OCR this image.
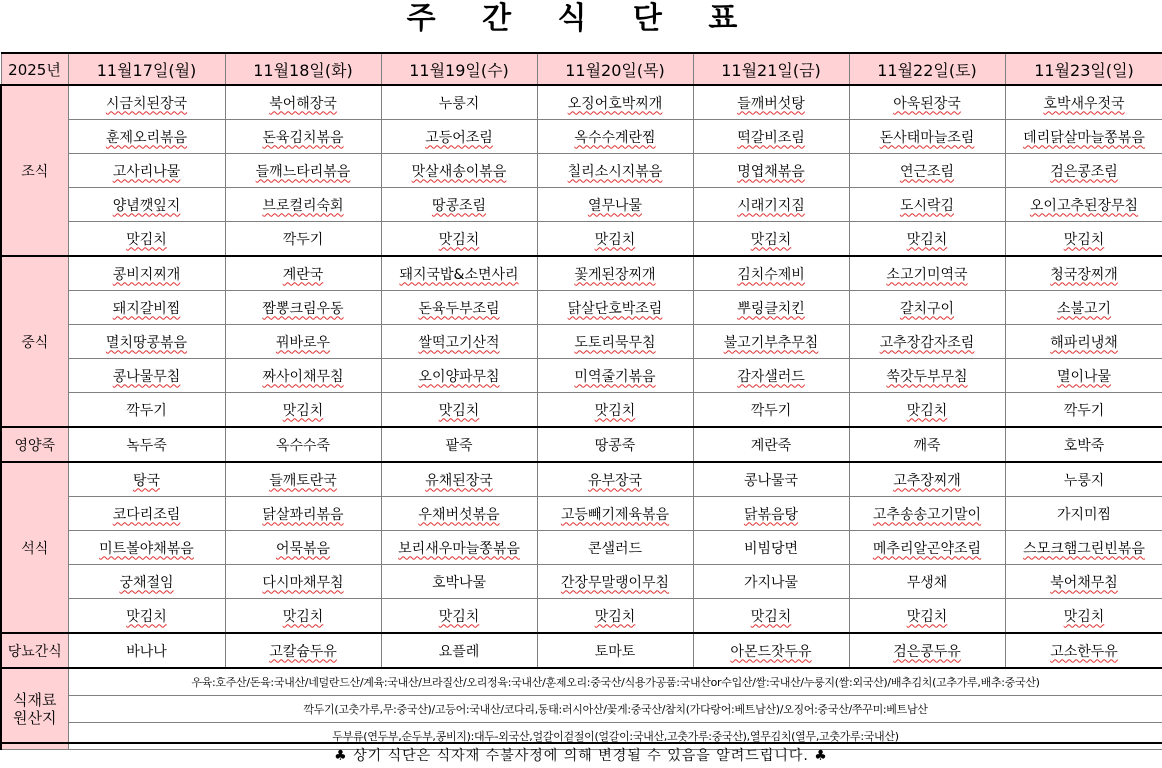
주 간 식 단 표
2025년	11월17일(월)	11월18일(화)	11월19일(수)	11월20일(목)	11월21일(금)	11월22일(토)	11월23일(일)
조식	시금치된장국	북어해장국	누룽지	오징어호박찌개	들깨버섯탕	아욱된장국	호박새우젓국
	훈제오리볶음	돈육김치볶음	고등어조림	옥수수계란찜	떡갈비조림	돈사태마늘조림	데리닭살마늘쫑볶음
	고사리나물	들깨느타리볶음	맛살새송이볶음	칠리소시지볶음	명엽채볶음	연근조림	검은콩조림
	양념깻잎지	브로컬리숙회	땅콩조림	열무나물	시래기지짐	도시락김	오이고추된장무침
	맛김치	깍두기	맛김치	맛김치	맛김치	맛김치	맛김치
중식	콩비지찌개	계란국	돼지국밥&소면사리	꽃게된장찌개	김치수제비	소고기미역국	청국장찌개
	돼지갈비찜	짬뽕크림우동	돈육두부조림	닭살단호박조림	뿌링클치킨	갈치구이	소불고기
	멸치땅콩볶음	꿔바로우	쌀떡고기산적	도토리묵무침	불고기부추무침	고추장감자조림	해파리냉채
	콩나물무침	짜사이채무침	오이양파무침	미역줄기볶음	감자샐러드	쑥갓두부무침	멸이나물
	깍두기	맛김치	맛김치	맛김치	깍두기	맛김치	깍두기
영양죽	녹두죽	옥수수죽	팥죽	땅콩죽	계란죽	깨죽	호박죽
석식	탕국	들깨토란국	유채된장국	유부장국	콩나물국	고추장찌개	누룽지
	코다리조림	닭살꽈리볶음	우채버섯볶음	고등빼기제육볶음	닭볶음탕	고추송송고기말이	가지미찜
	미트볼야채볶음	어묵볶음	보리새우마늘쫑볶음	콘샐러드	비빔당면	메추리알곤약조림	스모크햄그린빈볶음
	궁채절임	다시마채무침	호박나물	간장무말랭이무침	가지나물	무생채	북어채무침
	맛김치	맛김치	맛김치	맛김치	맛김치	맛김치	맛김치
당뇨간식	바나나	고칼슘두유	요플레	토마토	아몬드잣두유	검은콩두유	고소한두유

식재료
원산지	우육:호주산/돈육:국내산/네덜란드산/계육:국내산/브라질산/오리정육:국내산/훈제오리:중국산/식용가공품:국내산or수입산/쌀:국내산/누룽지(쌀:외국산)/배추김치(고추가루,배추:중국산)						
	깍두기(고춧가루,무:중국산)/고등어:국내산/코다리,동태:러시아산/꽃게:중국산/참치(가다랑어:베트남산)/오징어:중국산/쭈꾸미:베트남산						
	두부류(연두부,순두부,콩비지):대두-외국산,얼갈이겉절이(얼갈이:국내산,고춧가루:중국산),열무김치(열무,고춧가루:국내산)						
♣ 상기 식단은 식자재 수불사정에 의해 변경될 수 있음을 알려드립니다. ♣
